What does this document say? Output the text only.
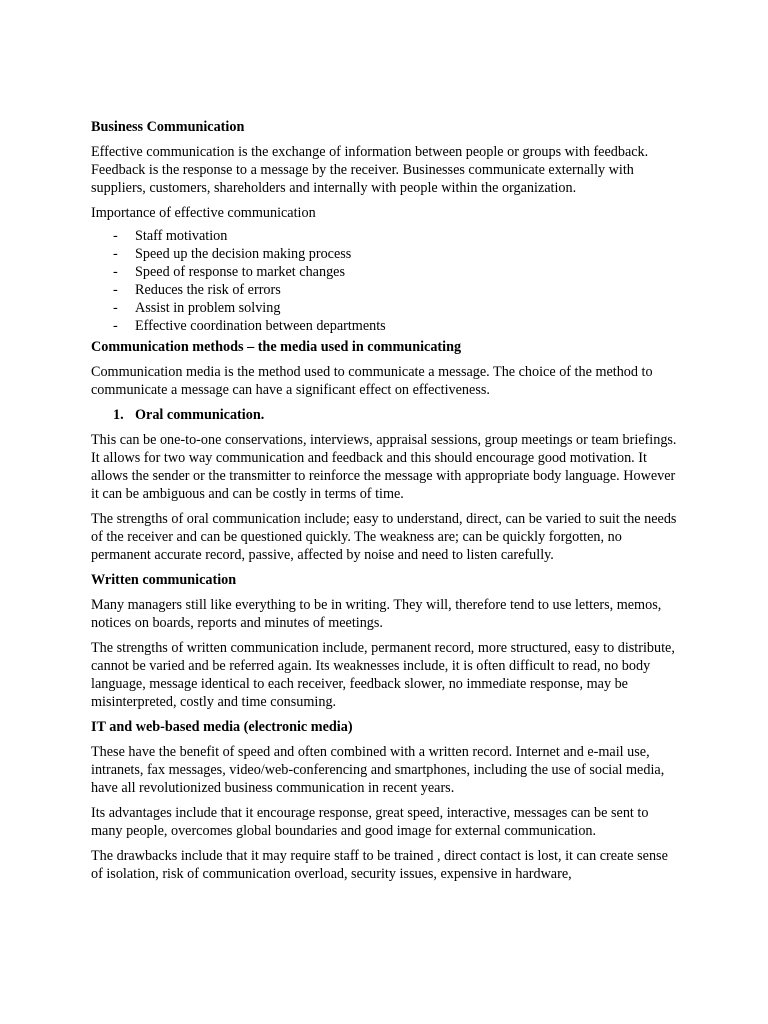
Business Communication
Effective communication is the exchange of information between people or groups with feedback. Feedback is the response to a message by the receiver. Businesses communicate externally with suppliers, customers, shareholders and internally with people within the organization.
Importance of effective communication
- Staff motivation
- Speed up the decision making process
- Speed of response to market changes
- Reduces the risk of errors
- Assist in problem solving
- Effective coordination between departments
Communication methods – the media used in communicating
Communication media is the method used to communicate a message. The choice of the method to communicate a message can have a significant effect on effectiveness.
1. Oral communication.
This can be one-to-one conservations, interviews, appraisal sessions, group meetings or team briefings. It allows for two way communication and feedback and this should encourage good motivation. It allows the sender or the transmitter to reinforce the message with appropriate body language. However it can be ambiguous and can be costly in terms of time.
The strengths of oral communication include; easy to understand, direct, can be varied to suit the needs of the receiver and can be questioned quickly. The weakness are; can be quickly forgotten, no permanent accurate record, passive, affected by noise and need to listen carefully.
Written communication
Many managers still like everything to be in writing. They will, therefore tend to use letters, memos, notices on boards, reports and minutes of meetings.
The strengths of written communication include, permanent record, more structured, easy to distribute, cannot be varied and be referred again. Its weaknesses include, it is often difficult to read, no body language, message identical to each receiver, feedback slower, no immediate response, may be misinterpreted, costly and time consuming.
IT and web-based media (electronic media)
These have the benefit of speed and often combined with a written record. Internet and e-mail use, intranets, fax messages, video/web-conferencing and smartphones, including the use of social media, have all revolutionized business communication in recent years.
Its advantages include that it encourage response, great speed, interactive, messages can be sent to many people, overcomes global boundaries and good image for external communication.
The drawbacks include that it may require staff to be trained , direct contact is lost, it can create sense of isolation, risk of communication overload, security issues, expensive in hardware,
